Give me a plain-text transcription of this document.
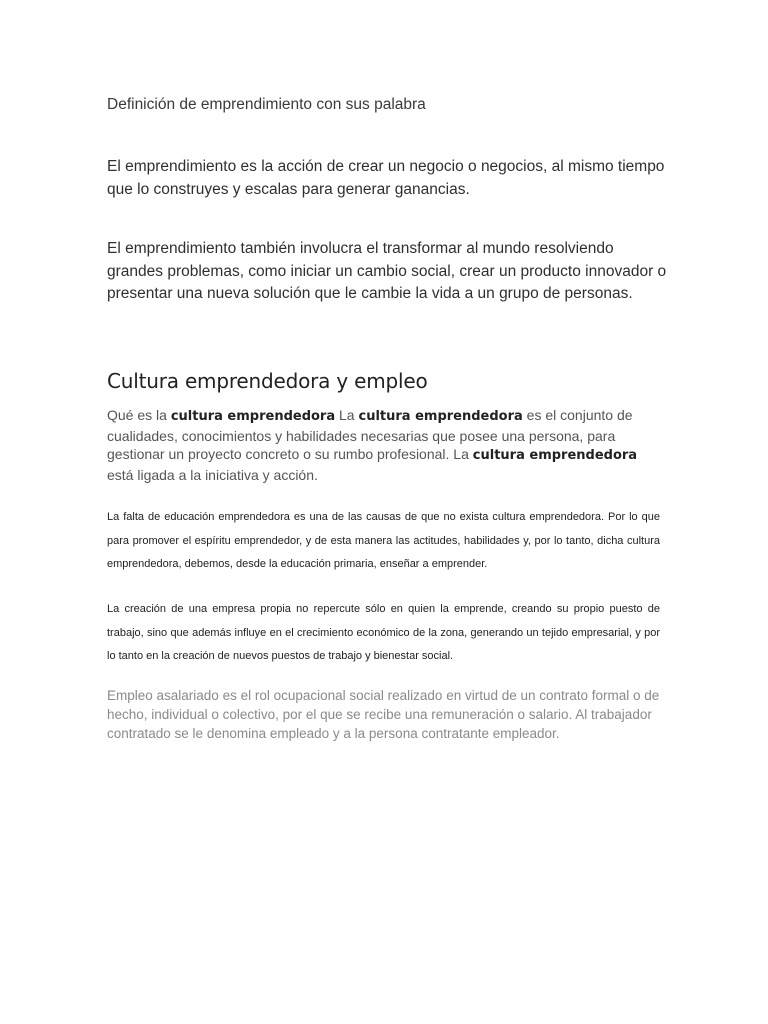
Definición de emprendimiento con sus palabra

El emprendimiento es la acción de crear un negocio o negocios, al mismo tiempo que lo construyes y escalas para generar ganancias.

El emprendimiento también involucra el transformar al mundo resolviendo grandes problemas, como iniciar un cambio social, crear un producto innovador o presentar una nueva solución que le cambie la vida a un grupo de personas.

Cultura emprendedora y empleo

Qué es la cultura emprendedora La cultura emprendedora es el conjunto de cualidades, conocimientos y habilidades necesarias que posee una persona, para gestionar un proyecto concreto o su rumbo profesional. La cultura emprendedora está ligada a la iniciativa y acción.

La falta de educación emprendedora es una de las causas de que no exista cultura emprendedora. Por lo que para promover el espíritu emprendedor, y de esta manera las actitudes, habilidades y, por lo tanto, dicha cultura emprendedora, debemos, desde la educación primaria, enseñar a emprender.

La creación de una empresa propia no repercute sólo en quien la emprende, creando su propio puesto de trabajo, sino que además influye en el crecimiento económico de la zona, generando un tejido empresarial, y por lo tanto en la creación de nuevos puestos de trabajo y bienestar social.

Empleo asalariado es el rol ocupacional social realizado en virtud de un contrato formal o de hecho, individual o colectivo, por el que se recibe una remuneración o salario. Al trabajador contratado se le denomina empleado y a la persona contratante empleador.
